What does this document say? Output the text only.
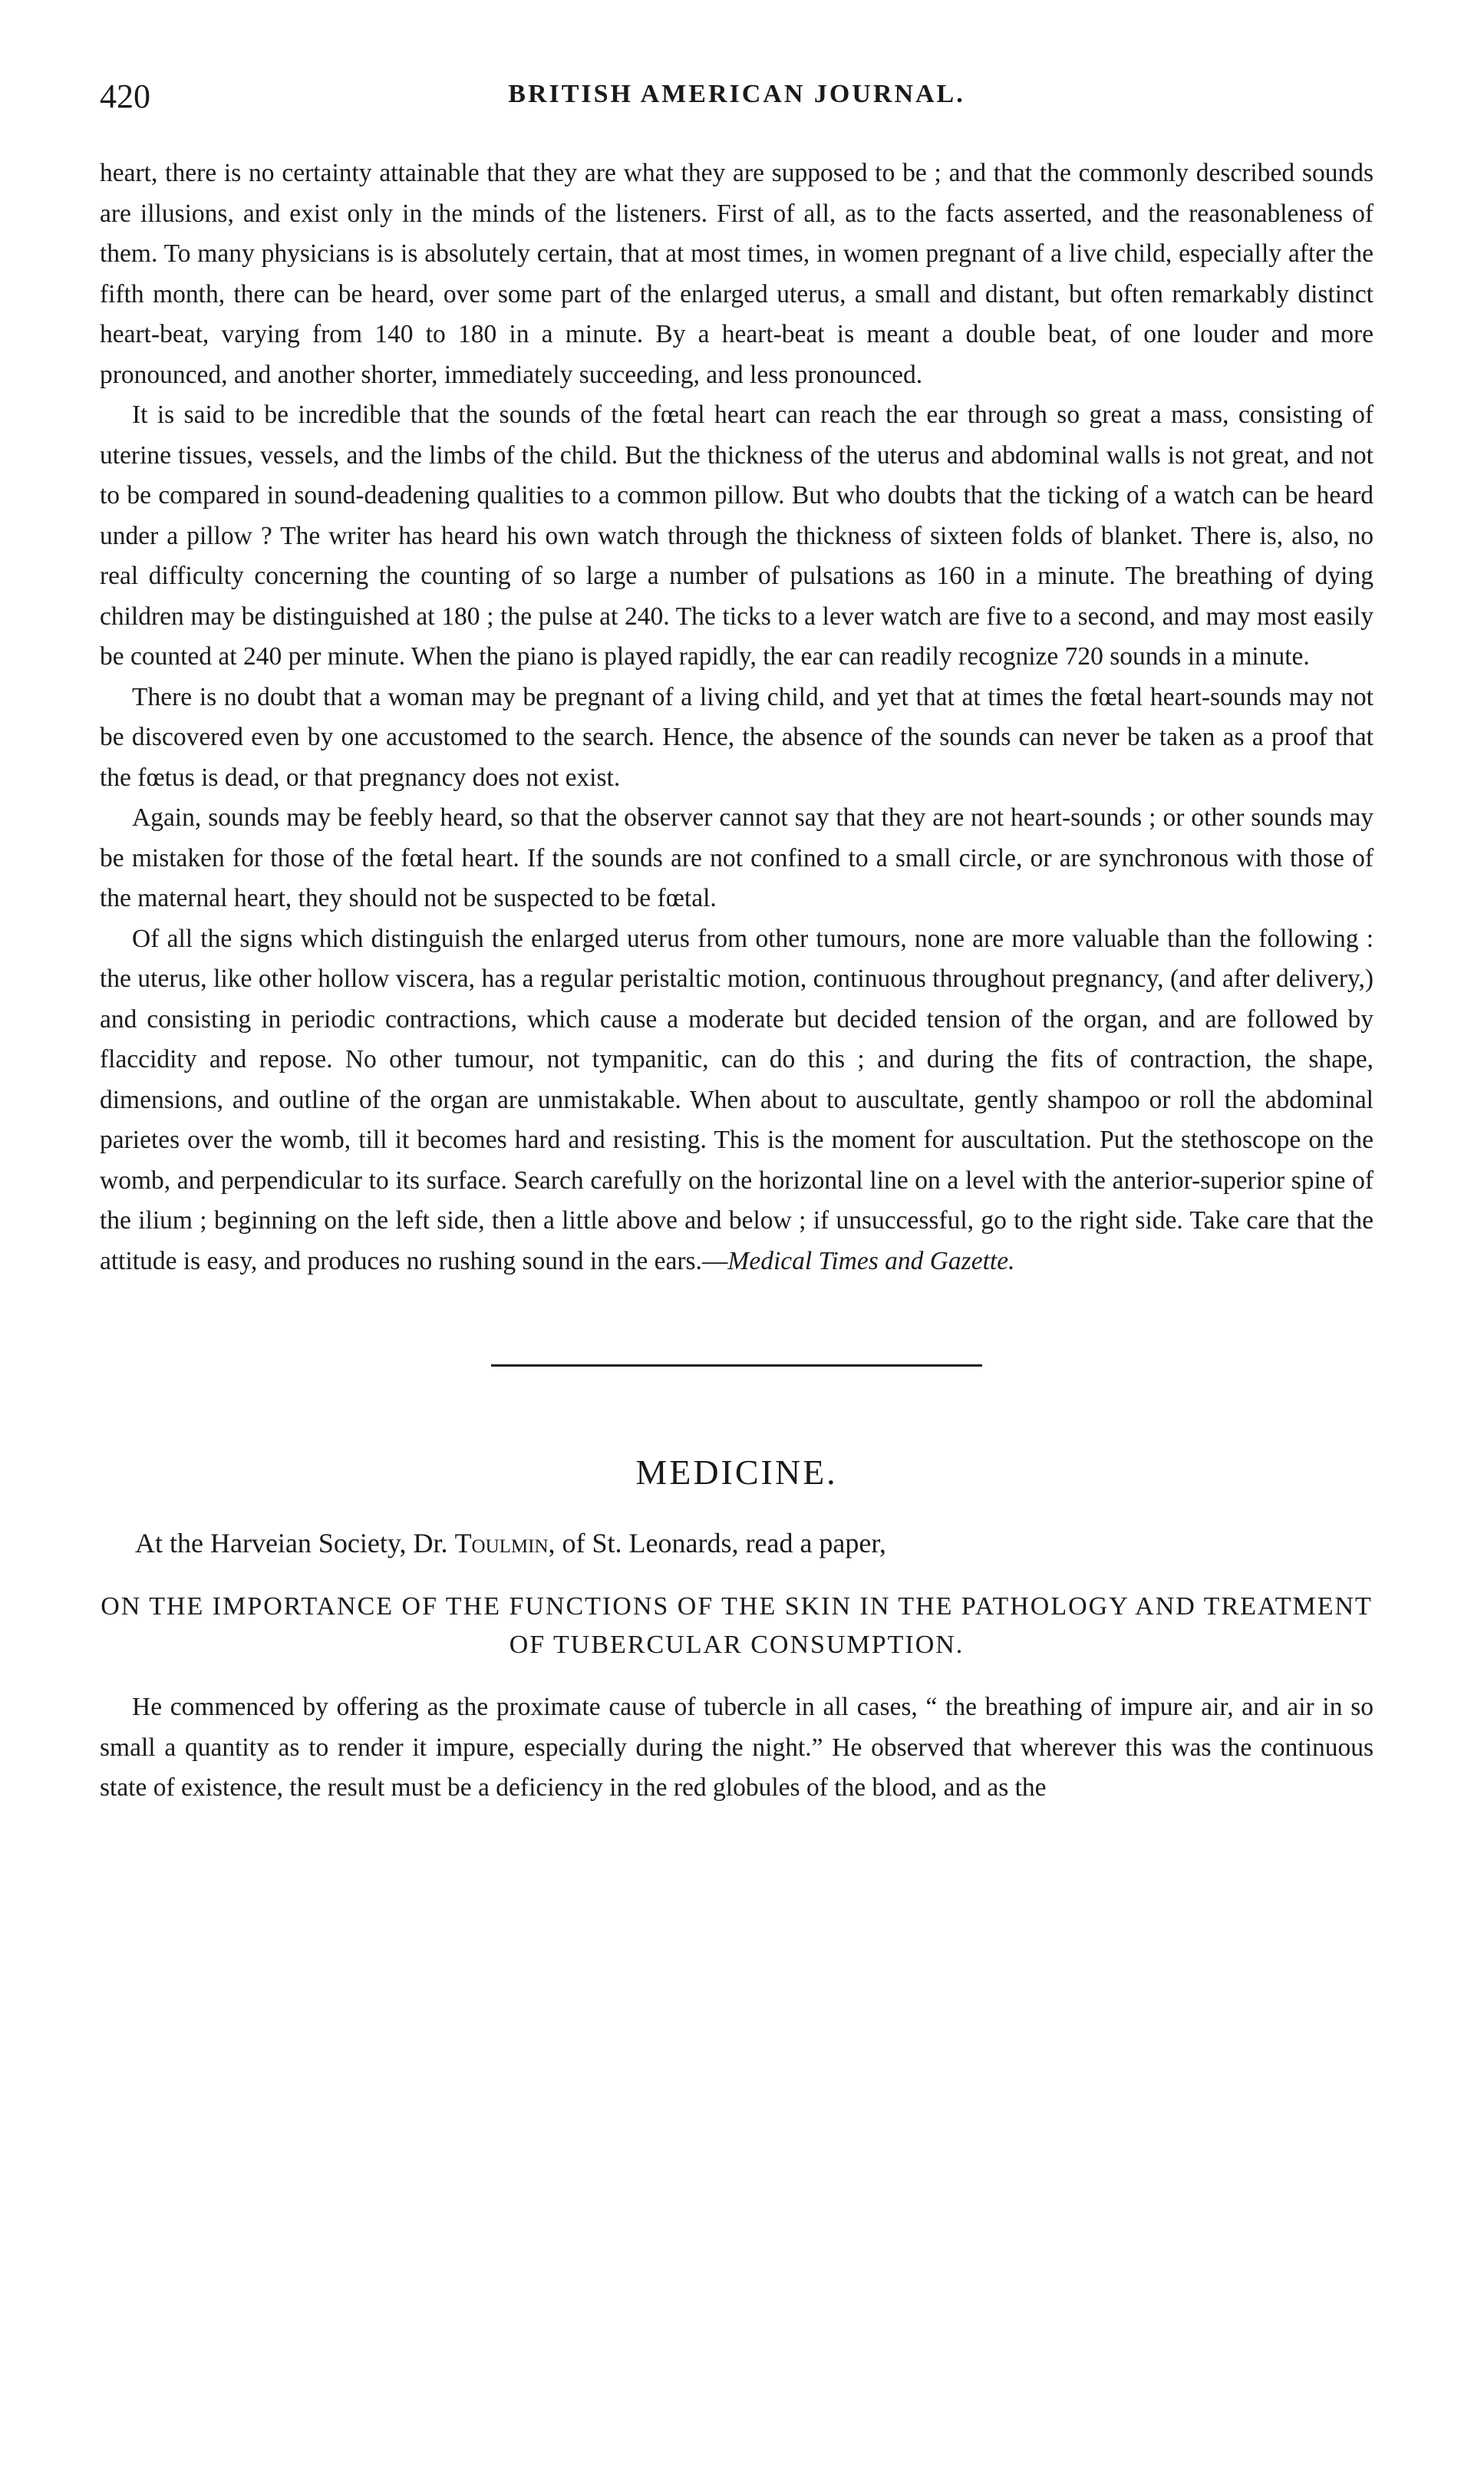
420	BRITISH AMERICAN JOURNAL.

heart, there is no certainty attainable that they are what they are supposed to be ; and that the commonly described sounds are illusions, and exist only in the minds of the listeners. First of all, as to the facts asserted, and the reasonableness of them. To many physicians is is absolutely certain, that at most times, in women pregnant of a live child, especially after the fifth month, there can be heard, over some part of the enlarged uterus, a small and distant, but often remarkably distinct heart-beat, varying from 140 to 180 in a minute. By a heart-beat is meant a double beat, of one louder and more pronounced, and another shorter, immediately succeeding, and less pronounced.

It is said to be incredible that the sounds of the fœtal heart can reach the ear through so great a mass, consisting of uterine tissues, vessels, and the limbs of the child. But the thickness of the uterus and abdominal walls is not great, and not to be compared in sound-deadening qualities to a common pillow. But who doubts that the ticking of a watch can be heard under a pillow ? The writer has heard his own watch through the thickness of sixteen folds of blanket. There is, also, no real difficulty concerning the counting of so large a number of pulsations as 160 in a minute. The breathing of dying children may be distinguished at 180 ; the pulse at 240. The ticks to a lever watch are five to a second, and may most easily be counted at 240 per minute. When the piano is played rapidly, the ear can readily recognize 720 sounds in a minute.

There is no doubt that a woman may be pregnant of a living child, and yet that at times the fœtal heart-sounds may not be discovered even by one accustomed to the search. Hence, the absence of the sounds can never be taken as a proof that the fœtus is dead, or that pregnancy does not exist.

Again, sounds may be feebly heard, so that the observer cannot say that they are not heart-sounds ; or other sounds may be mistaken for those of the fœtal heart. If the sounds are not confined to a small circle, or are synchronous with those of the maternal heart, they should not be suspected to be fœtal.

Of all the signs which distinguish the enlarged uterus from other tumours, none are more valuable than the following : the uterus, like other hollow viscera, has a regular peristaltic motion, continuous throughout pregnancy, (and after delivery,) and consisting in periodic contractions, which cause a moderate but decided tension of the organ, and are followed by flaccidity and repose. No other tumour, not tympanitic, can do this ; and during the fits of contraction, the shape, dimensions, and outline of the organ are unmistakable. When about to auscultate, gently shampoo or roll the abdominal parietes over the womb, till it becomes hard and resisting. This is the moment for auscultation. Put the stethoscope on the womb, and perpendicular to its surface. Search carefully on the horizontal line on a level with the anterior-superior spine of the ilium ; beginning on the left side, then a little above and below ; if unsuccessful, go to the right side. Take care that the attitude is easy, and produces no rushing sound in the ears.—Medical Times and Gazette.

MEDICINE.

At the Harveian Society, Dr. Toulmin, of St. Leonards, read a paper,

ON THE IMPORTANCE OF THE FUNCTIONS OF THE SKIN IN THE PATHOLOGY AND TREATMENT OF TUBERCULAR CONSUMPTION.

He commenced by offering as the proximate cause of tubercle in all cases, “ the breathing of impure air, and air in so small a quantity as to render it impure, especially during the night.” He observed that wherever this was the continuous state of existence, the result must be a deficiency in the red globules of the blood, and as the
